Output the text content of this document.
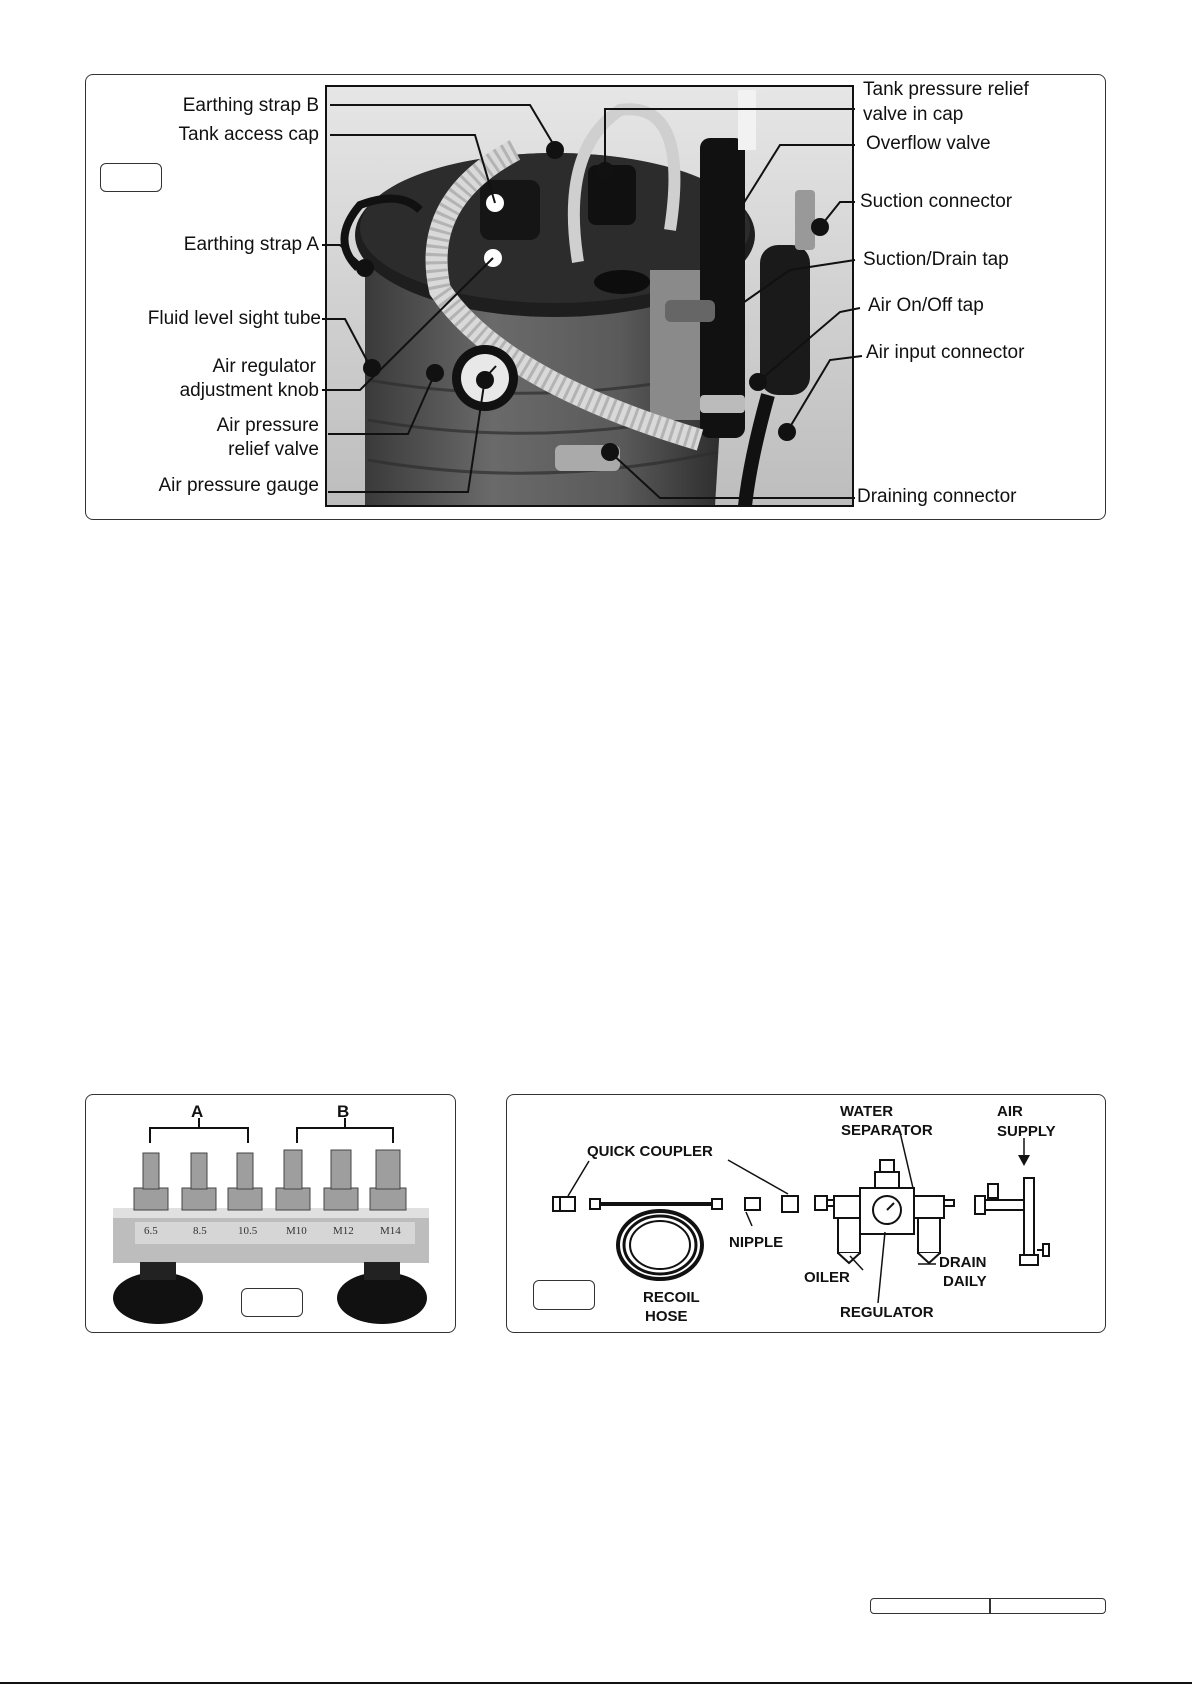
Earthing strap B
Tank access cap
Earthing strap A
Fluid level sight tube
Air regulator
adjustment knob
Air pressure
relief valve
Air pressure gauge
Tank pressure relief
valve in cap
Overflow valve
Suction connector
Suction/Drain tap
Air On/Off tap
Air input connector
Draining connector
A	B
6.5	8.5	10.5	M10 M12 M14
QUICK COUPLER
WATER
SEPARATOR
AIR
SUPPLY
NIPPLE
OILER
RECOIL
HOSE
DRAIN
DAILY
REGULATOR
